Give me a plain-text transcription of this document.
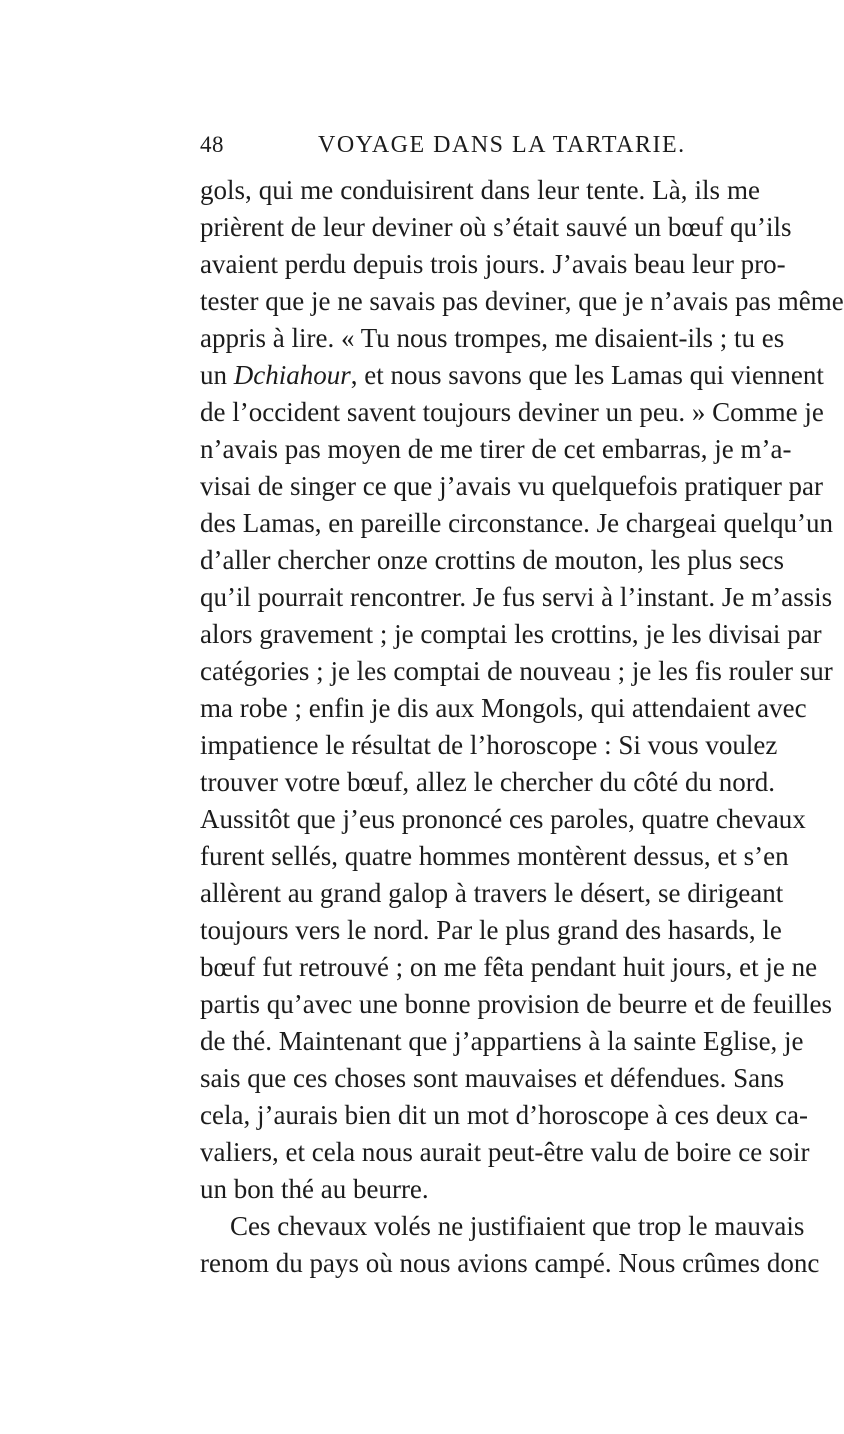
48	VOYAGE DANS LA TARTARIE.
gols, qui me conduisirent dans leur tente. Là, ils me
prièrent de leur deviner où s’était sauvé un bœuf qu’ils
avaient perdu depuis trois jours. J’avais beau leur pro-
tester que je ne savais pas deviner, que je n’avais pas même
appris à lire. « Tu nous trompes, me disaient-ils ; tu es
un Dchiahour, et nous savons que les Lamas qui viennent
de l’occident savent toujours deviner un peu. » Comme je
n’avais pas moyen de me tirer de cet embarras, je m’a-
visai de singer ce que j’avais vu quelquefois pratiquer par
des Lamas, en pareille circonstance. Je chargeai quelqu’un
d’aller chercher onze crottins de mouton, les plus secs
qu’il pourrait rencontrer. Je fus servi à l’instant. Je m’assis
alors gravement ; je comptai les crottins, je les divisai par
catégories ; je les comptai de nouveau ; je les fis rouler sur
ma robe ; enfin je dis aux Mongols, qui attendaient avec
impatience le résultat de l’horoscope : Si vous voulez
trouver votre bœuf, allez le chercher du côté du nord.
Aussitôt que j’eus prononcé ces paroles, quatre chevaux
furent sellés, quatre hommes montèrent dessus, et s’en
allèrent au grand galop à travers le désert, se dirigeant
toujours vers le nord. Par le plus grand des hasards, le
bœuf fut retrouvé ; on me fêta pendant huit jours, et je ne
partis qu’avec une bonne provision de beurre et de feuilles
de thé. Maintenant que j’appartiens à la sainte Eglise, je
sais que ces choses sont mauvaises et défendues. Sans
cela, j’aurais bien dit un mot d’horoscope à ces deux ca-
valiers, et cela nous aurait peut-être valu de boire ce soir
un bon thé au beurre.
Ces chevaux volés ne justifiaient que trop le mauvais
renom du pays où nous avions campé. Nous crûmes donc
